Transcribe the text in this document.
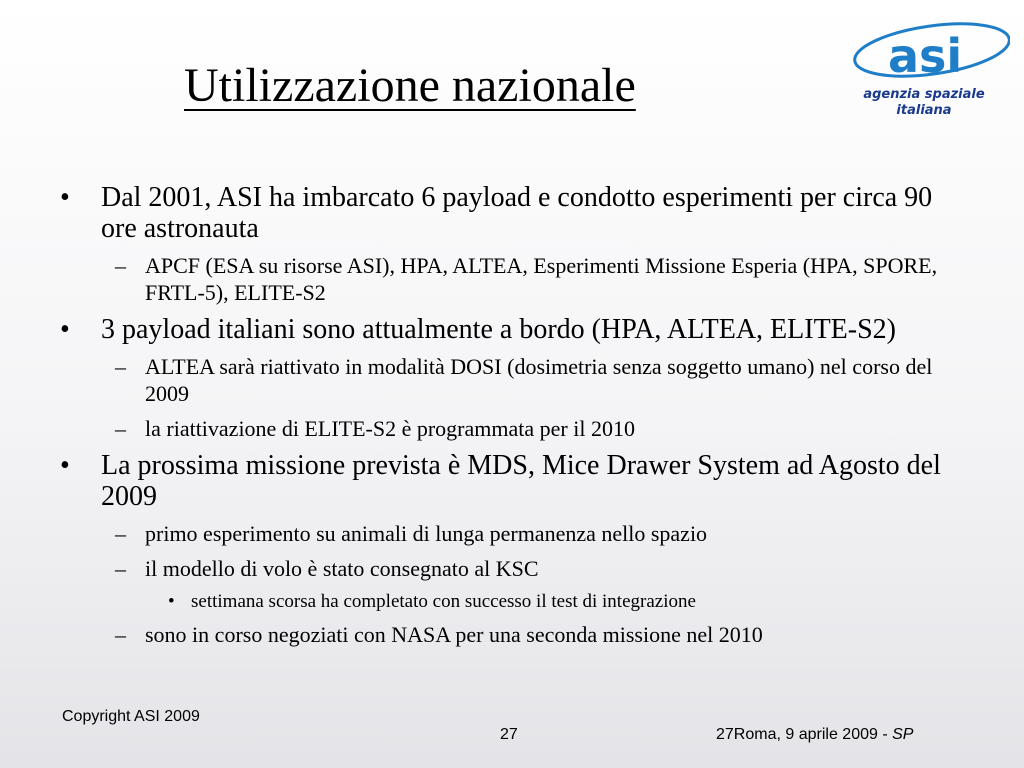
Utilizzazione nazionale
asi
agenzia spaziale
italiana
• Dal 2001, ASI ha imbarcato 6 payload e condotto esperimenti per circa 90 ore astronauta
– APCF (ESA su risorse ASI), HPA, ALTEA, Esperimenti Missione Esperia (HPA, SPORE, FRTL-5), ELITE-S2
• 3 payload italiani sono attualmente a bordo (HPA, ALTEA, ELITE-S2)
– ALTEA sarà riattivato in modalità DOSI (dosimetria senza soggetto umano) nel corso del 2009
– la riattivazione di ELITE-S2 è programmata per il 2010
• La prossima missione prevista è MDS, Mice Drawer System ad Agosto del 2009
– primo esperimento su animali di lunga permanenza nello spazio
– il modello di volo è stato consegnato al KSC
• settimana scorsa ha completato con successo il test di integrazione
– sono in corso negoziati con NASA per una seconda missione nel 2010
Copyright ASI 2009
27	27Roma, 9 aprile 2009 - SP
